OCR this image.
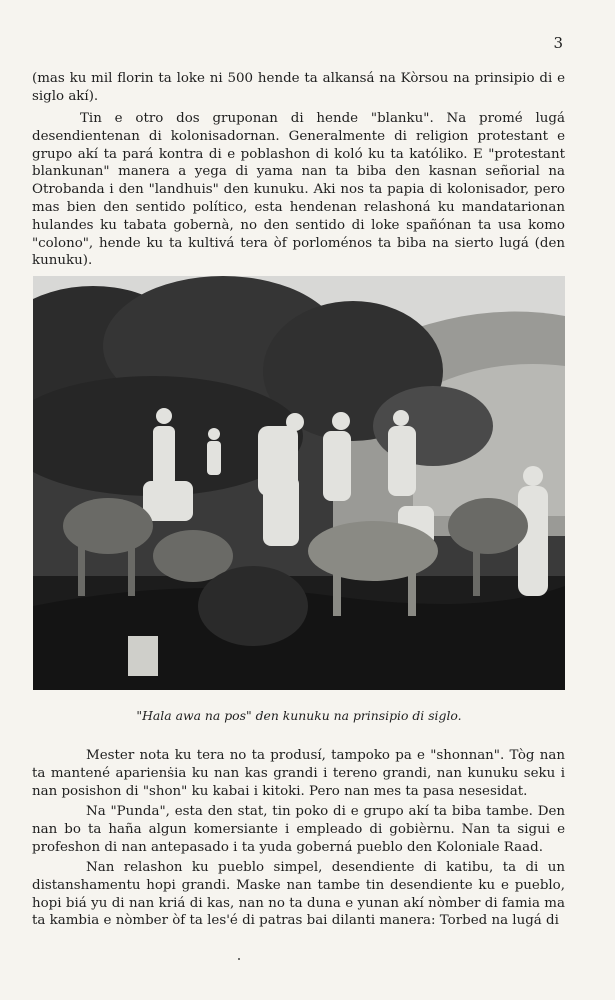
3

(mas ku mil florin ta loke ni 500 hende ta alkansá na Kòrsou na prinsipio di e siglo akí).

Tin e otro dos gruponan di hende "blanku". Na promé lugá desendientenan di kolonisadornan. Generalmente di religion protestant e grupo akí ta pará kontra di e poblashon di koló ku ta katóliko. E "protestant blankunan" manera a yega di yama nan ta biba den kasnan señorial na Otrobanda i den "landhuis" den kunuku. Aki nos ta papia di kolonisador, pero mas bien den sentido político, esta hendenan relashoná ku mandatarionan hulandes ku tabata gobernà, no den sentido di loke spañónan ta usa komo "colono", hende ku ta kultivá tera òf porloménos ta biba na sierto lugá (den kunuku).

"Hala awa na pos" den kunuku na prinsipio di siglo.

Mester nota ku tera no ta produsí, tampoko pa e "shonnan". Tòg nan ta mantené aparienṡia ku nan kas grandi i tereno grandi, nan kunuku seku i nan posishon di "shon" ku kabai i kitoki. Pero nan mes ta pasa nesesidat.

Na "Punda", esta den stat, tin poko di e grupo akí ta biba tambe. Den nan bo ta haña algun komersiante i empleado di gobièrnu. Nan ta sigui e profeshon di nan antepasado i ta yuda goberná pueblo den Koloniale Raad.

Nan relashon ku pueblo simpel, desendiente di katibu, ta di un distanshamentu hopi grandi. Maske nan tambe tin desendiente ku e pueblo, hopi biá yu di nan kriá di kas, nan no ta duna e yunan akí nòmber di famia ma ta kambia e nòmber òf ta les'é di patras bai dilanti manera: Torbed na lugá di
